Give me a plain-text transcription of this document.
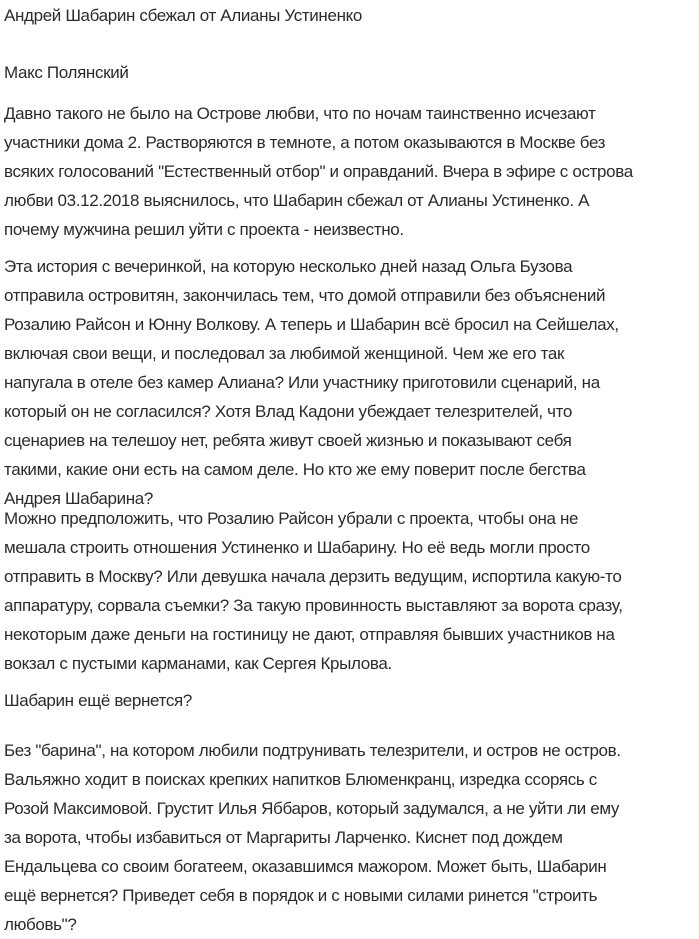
Андрей Шабарин сбежал от Алианы Устиненко
Макс Полянский
Давно такого не было на Острове любви, что по ночам таинственно исчезают
участники дома 2. Растворяются в темноте, а потом оказываются в Москве без
всяких голосований "Естественный отбор" и оправданий. Вчера в эфире с острова
любви 03.12.2018 выяснилось, что Шабарин сбежал от Алианы Устиненко. А
почему мужчина решил уйти с проекта - неизвестно.
Эта история с вечеринкой, на которую несколько дней назад Ольга Бузова
отправила островитян, закончилась тем, что домой отправили без объяснений
Розалию Райсон и Юнну Волкову. А теперь и Шабарин всё бросил на Сейшелах,
включая свои вещи, и последовал за любимой женщиной. Чем же его так
напугала в отеле без камер Алиана? Или участнику приготовили сценарий, на
который он не согласился? Хотя Влад Кадони убеждает телезрителей, что
сценариев на телешоу нет, ребята живут своей жизнью и показывают себя
такими, какие они есть на самом деле. Но кто же ему поверит после бегства
Андрея Шабарина?
Можно предположить, что Розалию Райсон убрали с проекта, чтобы она не
мешала строить отношения Устиненко и Шабарину. Но её ведь могли просто
отправить в Москву? Или девушка начала дерзить ведущим, испортила какую-то
аппаратуру, сорвала съемки? За такую провинность выставляют за ворота сразу,
некоторым даже деньги на гостиницу не дают, отправляя бывших участников на
вокзал с пустыми карманами, как Сергея Крылова.
Шабарин ещё вернется?
Без "барина", на котором любили подтрунивать телезрители, и остров не остров.
Вальяжно ходит в поисках крепких напитков Блюменкранц, изредка ссорясь с
Розой Максимовой. Грустит Илья Яббаров, который задумался, а не уйти ли ему
за ворота, чтобы избавиться от Маргариты Ларченко. Киснет под дождем
Ендальцева со своим богатеем, оказавшимся мажором. Может быть, Шабарин
ещё вернется? Приведет себя в порядок и с новыми силами ринется "строить
любовь"?
